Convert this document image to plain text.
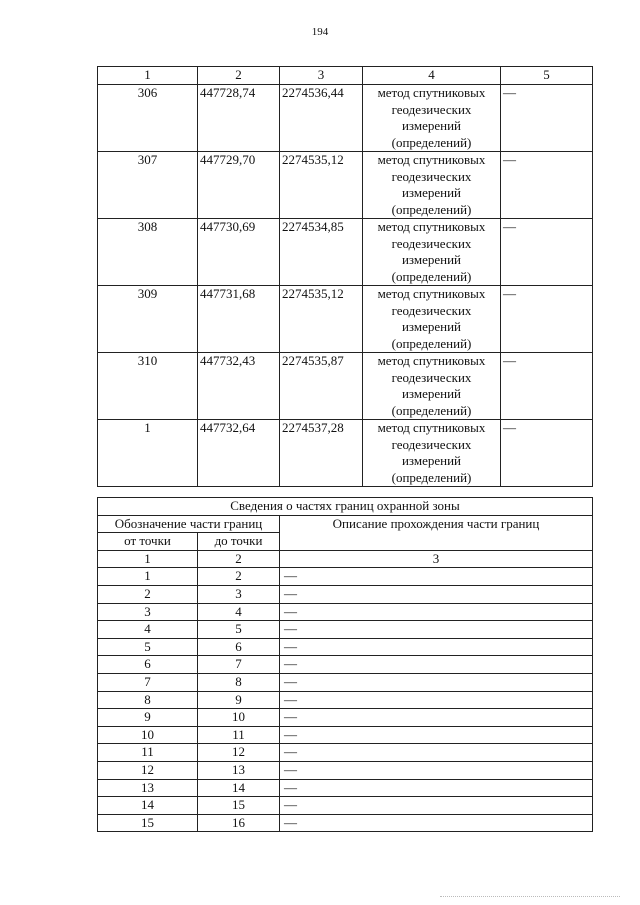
194
1	2	3	4	5
306	447728,74	2274536,44	метод спутниковых геодезических измерений (определений)	—
307	447729,70	2274535,12	метод спутниковых геодезических измерений (определений)	—
308	447730,69	2274534,85	метод спутниковых геодезических измерений (определений)	—
309	447731,68	2274535,12	метод спутниковых геодезических измерений (определений)	—
310	447732,43	2274535,87	метод спутниковых геодезических измерений (определений)	—
1	447732,64	2274537,28	метод спутниковых геодезических измерений (определений)	—
Сведения о частях границ охранной зоны		
Обозначение части границ		Описание прохождения части границ
от точки	до точки	
1	2	3
1	2	—
2	3	—
3	4	—
4	5	—
5	6	—
6	7	—
7	8	—
8	9	—
9	10	—
10	11	—
11	12	—
12	13	—
13	14	—
14	15	—
15	16	—
